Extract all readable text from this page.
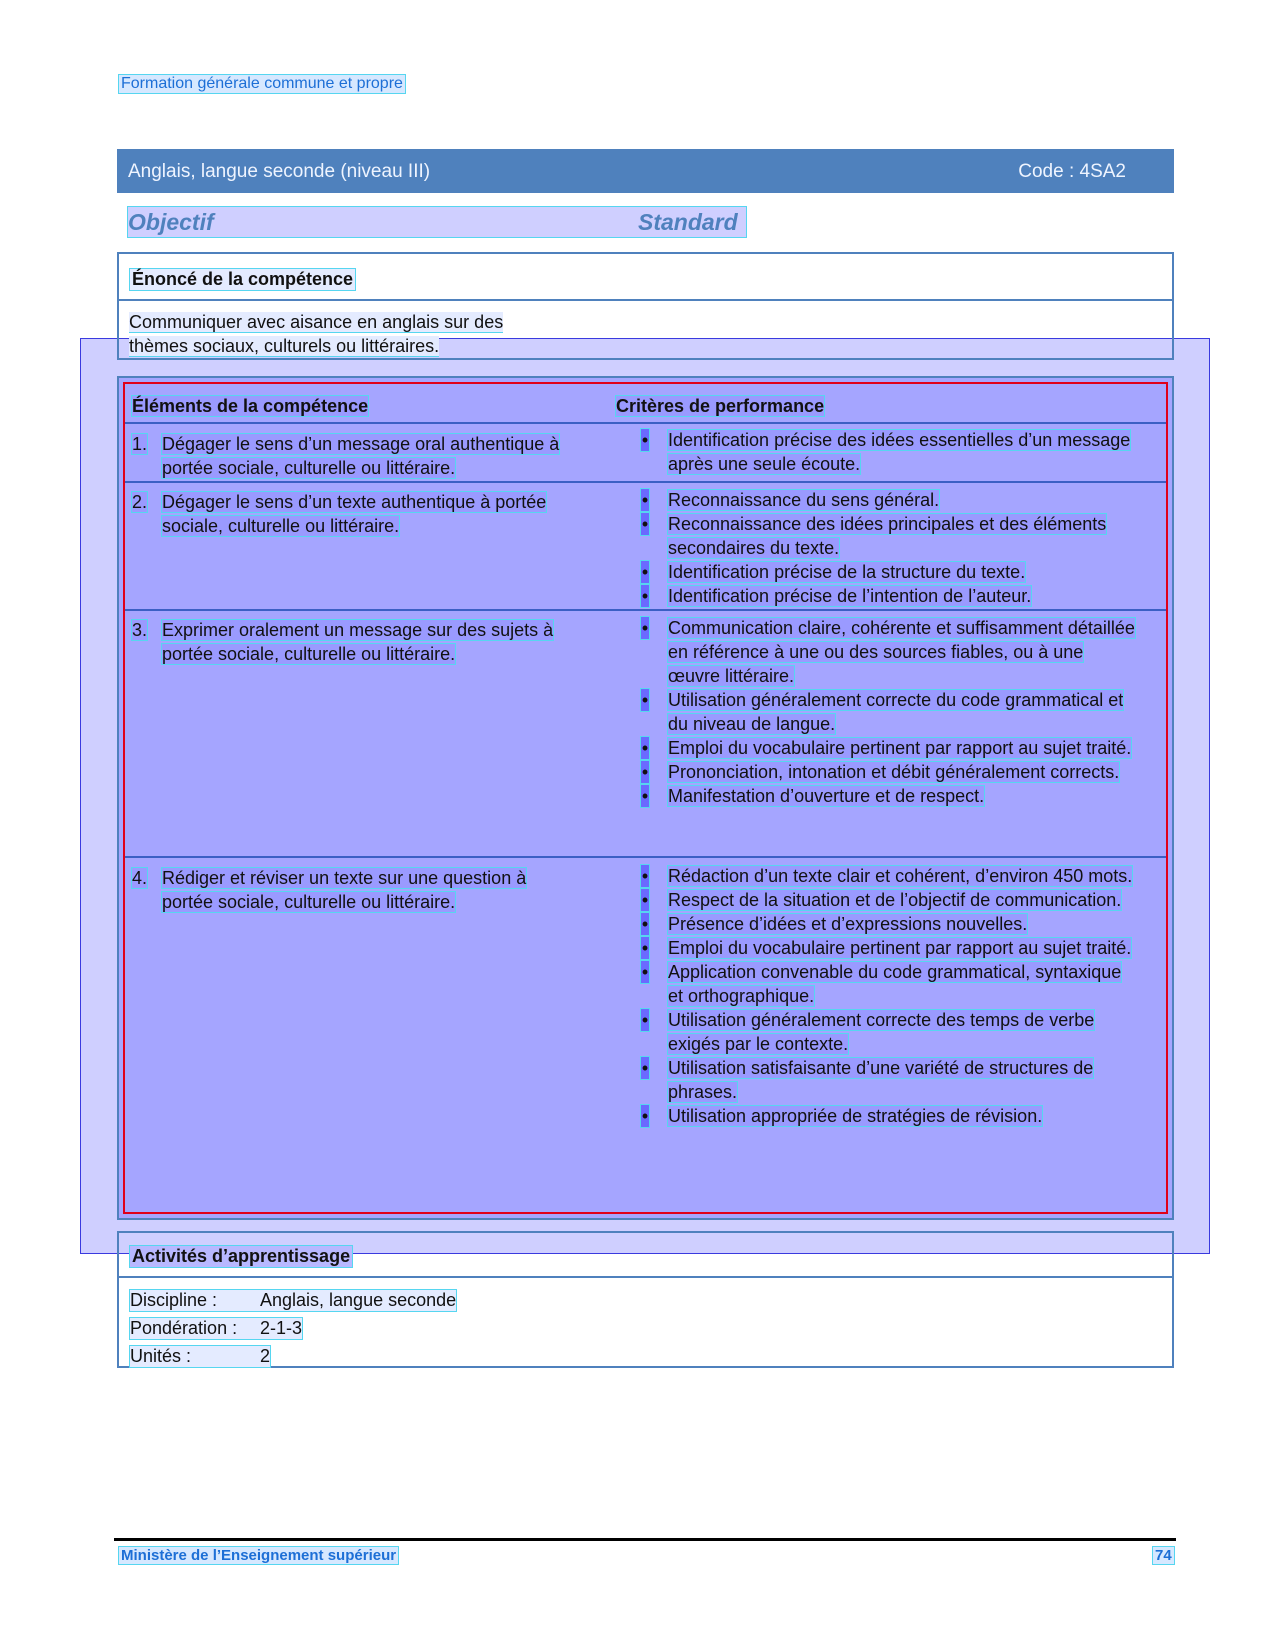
Formation générale commune et propre
Anglais, langue seconde (niveau III)	Code : 4SA2
Objectif	Standard
Énoncé de la compétence
Communiquer avec aisance en anglais sur des
thèmes sociaux, culturels ou littéraires.
Éléments de la compétence	Critères de performance
1. Dégager le sens d’un message oral authentique à
portée sociale, culturelle ou littéraire.
• Identification précise des idées essentielles d’un message après une seule écoute.
2. Dégager le sens d’un texte authentique à portée
sociale, culturelle ou littéraire.
• Reconnaissance du sens général.
• Reconnaissance des idées principales et des éléments secondaires du texte.
• Identification précise de la structure du texte.
• Identification précise de l’intention de l’auteur.
3. Exprimer oralement un message sur des sujets à
portée sociale, culturelle ou littéraire.
• Communication claire, cohérente et suffisamment détaillée en référence à une ou des sources fiables, ou à une œuvre littéraire.
• Utilisation généralement correcte du code grammatical et du niveau de langue.
• Emploi du vocabulaire pertinent par rapport au sujet traité.
• Prononciation, intonation et débit généralement corrects.
• Manifestation d’ouverture et de respect.
4. Rédiger et réviser un texte sur une question à
portée sociale, culturelle ou littéraire.
• Rédaction d’un texte clair et cohérent, d’environ 450 mots.
• Respect de la situation et de l’objectif de communication.
• Présence d’idées et d’expressions nouvelles.
• Emploi du vocabulaire pertinent par rapport au sujet traité.
• Application convenable du code grammatical, syntaxique et orthographique.
• Utilisation généralement correcte des temps de verbe exigés par le contexte.
• Utilisation satisfaisante d’une variété de structures de phrases.
• Utilisation appropriée de stratégies de révision.
Activités d’apprentissage
Discipline : Anglais, langue seconde
Pondération : 2-1-3
Unités :	2
Ministère de l’Enseignement supérieur	74
